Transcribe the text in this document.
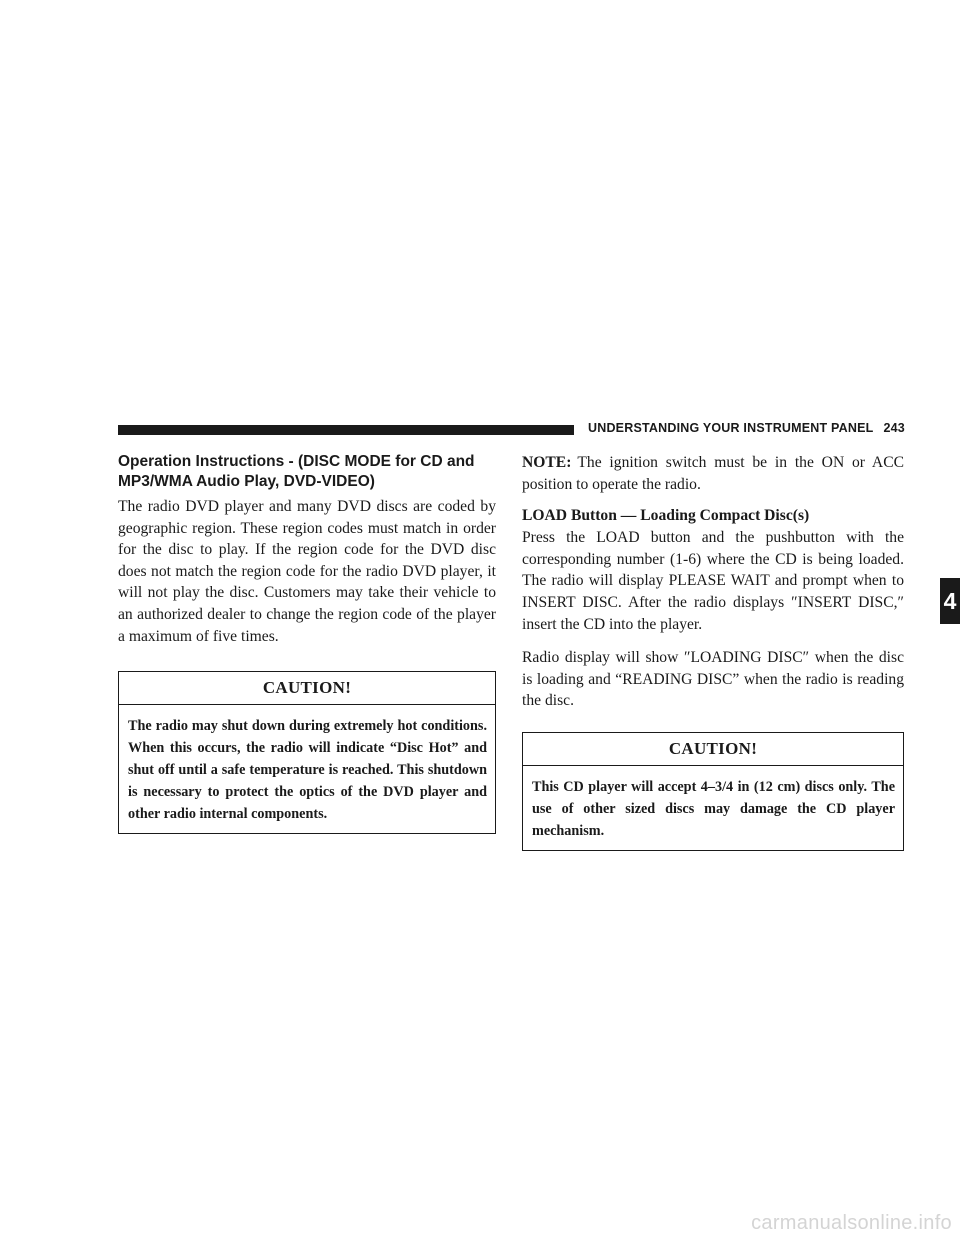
UNDERSTANDING YOUR INSTRUMENT PANEL 243
Operation Instructions - (DISC MODE for CD and MP3/WMA Audio Play, DVD-VIDEO)

The radio DVD player and many DVD discs are coded by geographic region. These region codes must match in order for the disc to play. If the region code for the DVD disc does not match the region code for the radio DVD player, it will not play the disc. Customers may take their vehicle to an authorized dealer to change the region code of the player a maximum of five times.

CAUTION!
The radio may shut down during extremely hot conditions. When this occurs, the radio will indicate “Disc Hot” and shut off until a safe temperature is reached. This shutdown is necessary to protect the optics of the DVD player and other radio internal components.

NOTE: The ignition switch must be in the ON or ACC position to operate the radio.

LOAD Button — Loading Compact Disc(s)

Press the LOAD button and the pushbutton with the corresponding number (1-6) where the CD is being loaded. The radio will display PLEASE WAIT and prompt when to INSERT DISC. After the radio displays ″INSERT DISC,″ insert the CD into the player.

Radio display will show ″LOADING DISC″ when the disc is loading and “READING DISC” when the radio is reading the disc.

CAUTION!
This CD player will accept 4–3/4 in (12 cm) discs only. The use of other sized discs may damage the CD player mechanism.
4
carmanualsonline.info
